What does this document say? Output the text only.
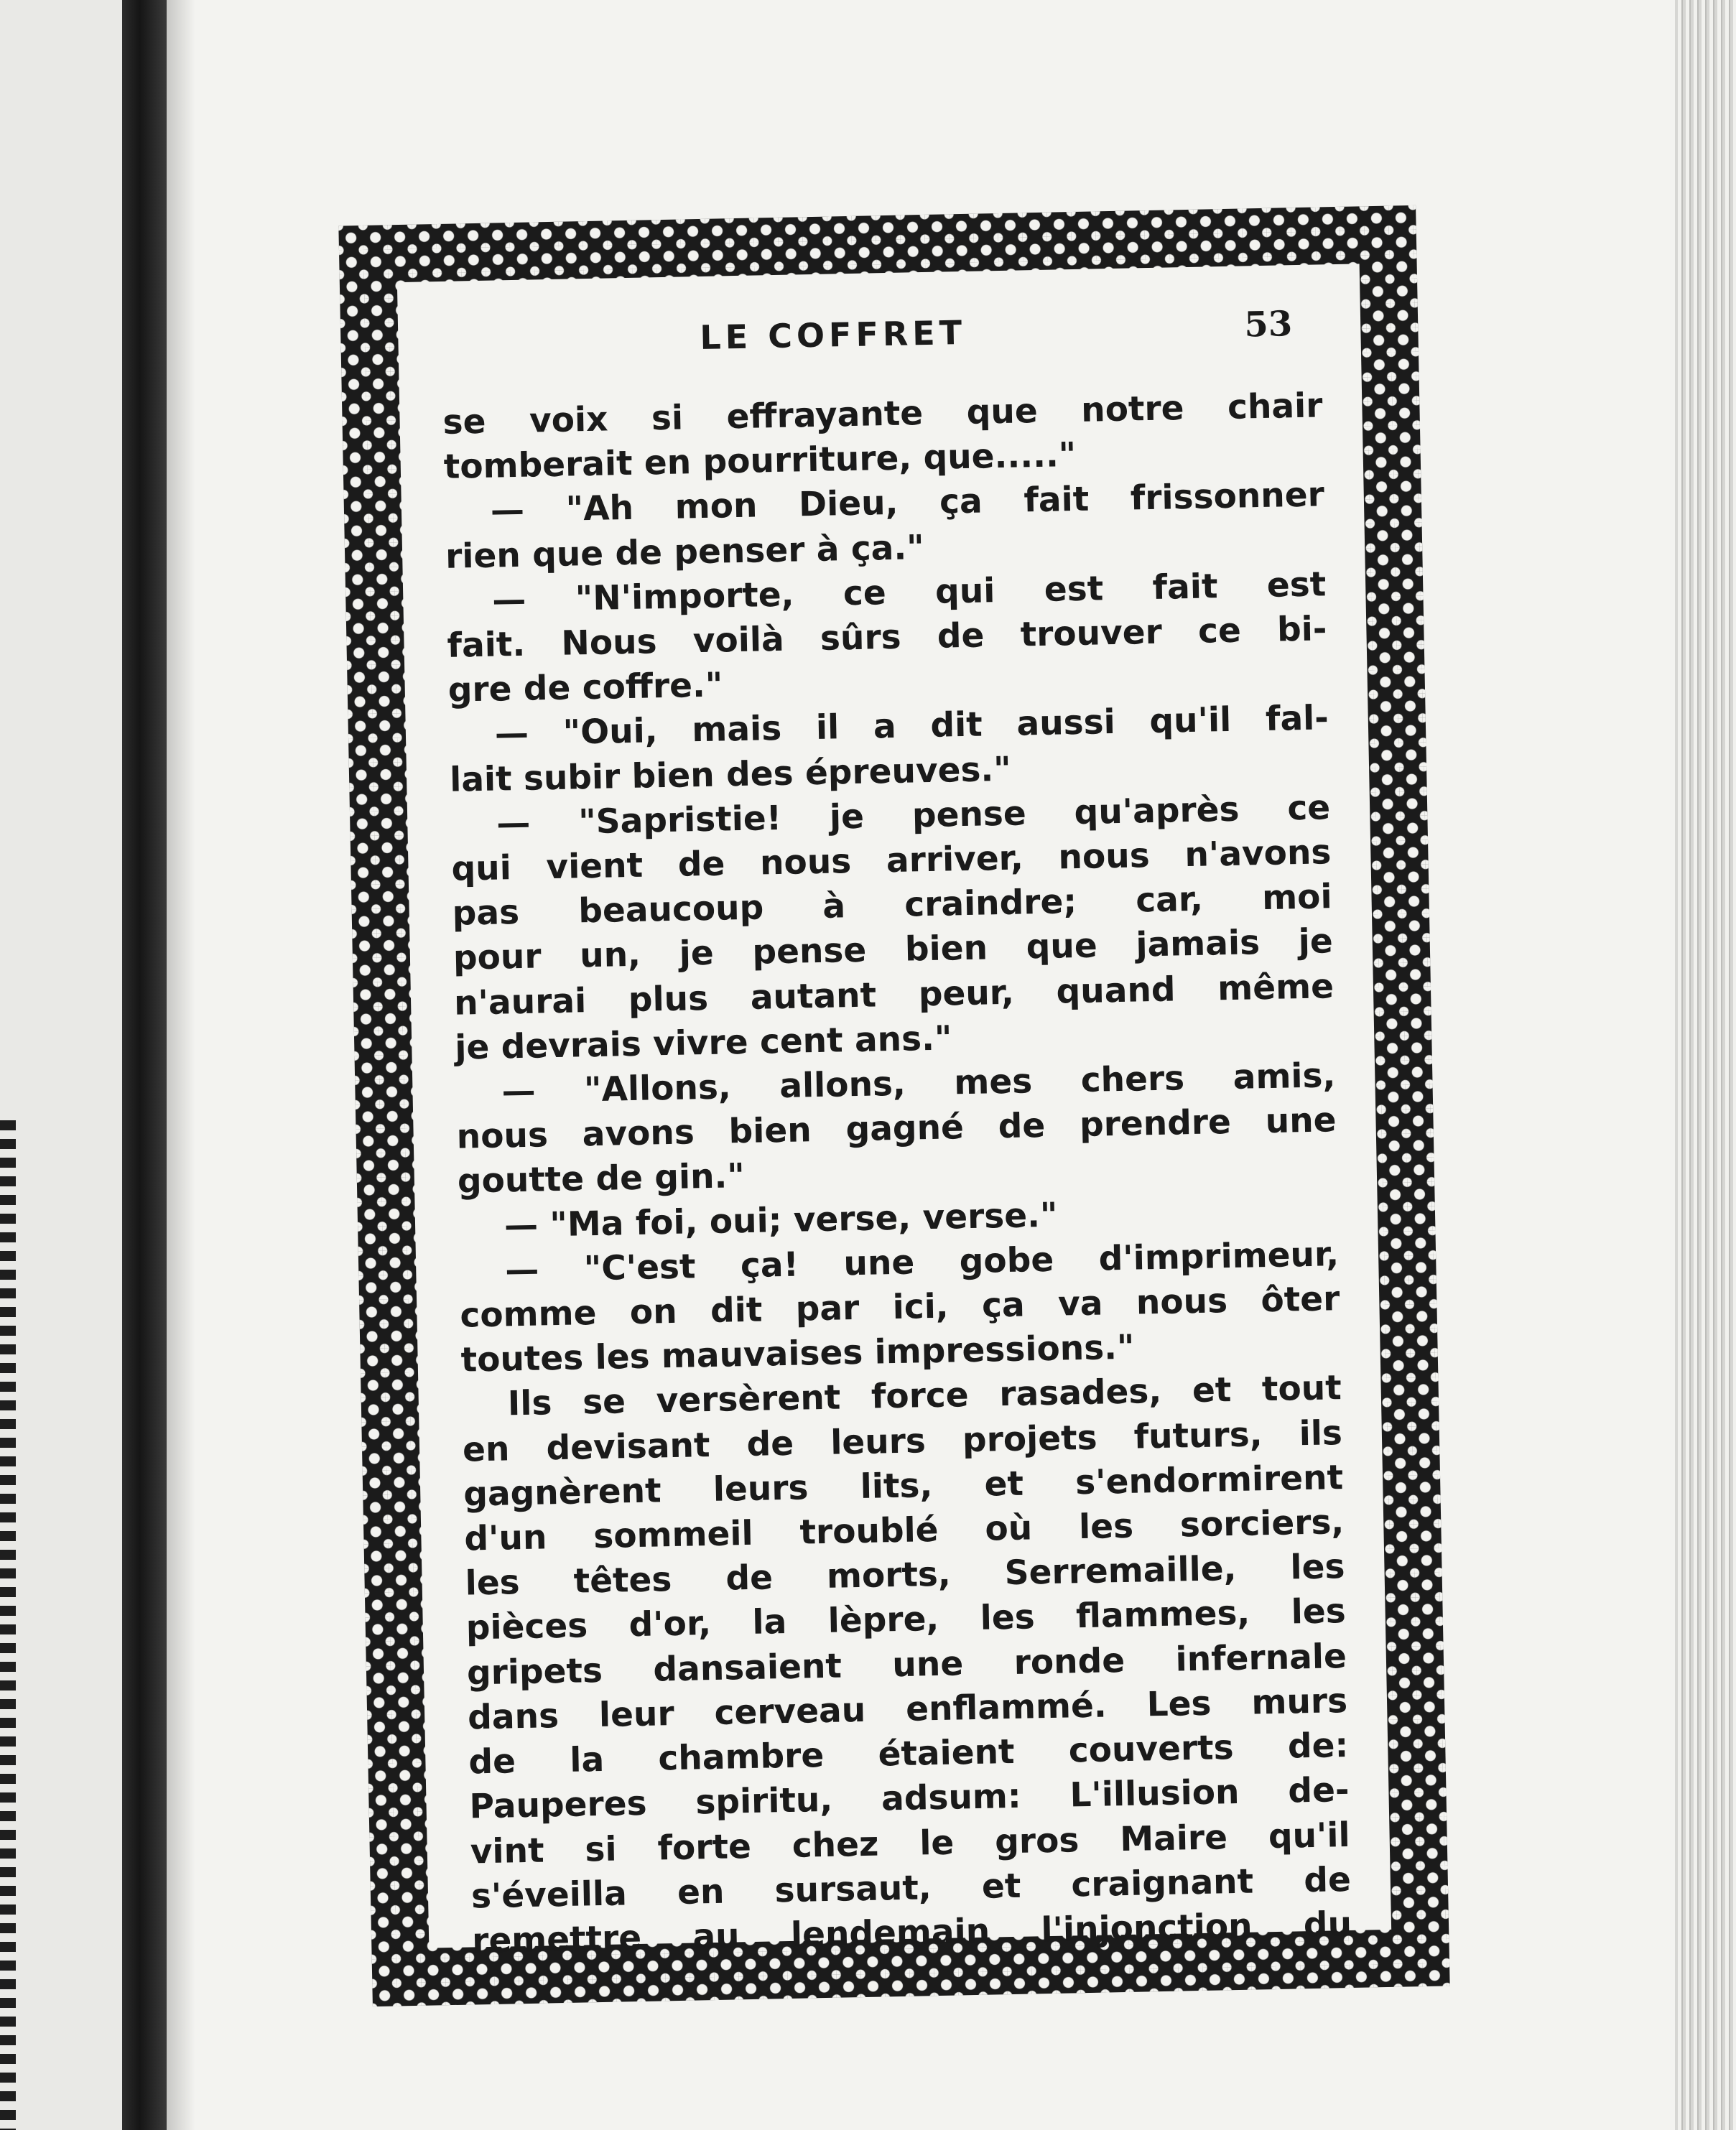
LE COFFRET	53
se voix si effrayante que notre chair
tomberait en pourriture, que....."
— "Ah mon Dieu, ça fait frissonner
rien que de penser à ça."
— "N'importe, ce qui est fait est
fait. Nous voilà sûrs de trouver ce bi-
gre de coffre."
— "Oui, mais il a dit aussi qu'il fal-
lait subir bien des épreuves."
— "Sapristie! je pense qu'après ce
qui vient de nous arriver, nous n'avons
pas beaucoup à craindre; car, moi
pour un, je pense bien que jamais je
n'aurai plus autant peur, quand même
je devrais vivre cent ans."
— "Allons, allons, mes chers amis,
nous avons bien gagné de prendre une
goutte de gin."
— "Ma foi, oui; verse, verse."
— "C'est ça! une gobe d'imprimeur,
comme on dit par ici, ça va nous ôter
toutes les mauvaises impressions."
Ils se versèrent force rasades, et tout
en devisant de leurs projets futurs, ils
gagnèrent leurs lits, et s'endormirent
d'un sommeil troublé où les sorciers,
les têtes de morts, Serremaille, les
pièces d'or, la lèpre, les flammes, les
gripets dansaient une ronde infernale
dans leur cerveau enflammé. Les murs
de la chambre étaient couverts de:
Pauperes spiritu, adsum: L'illusion de-
vint si forte chez le gros Maire qu'il
s'éveilla en sursaut, et craignant de
remettre au lendemain l'injonction du
